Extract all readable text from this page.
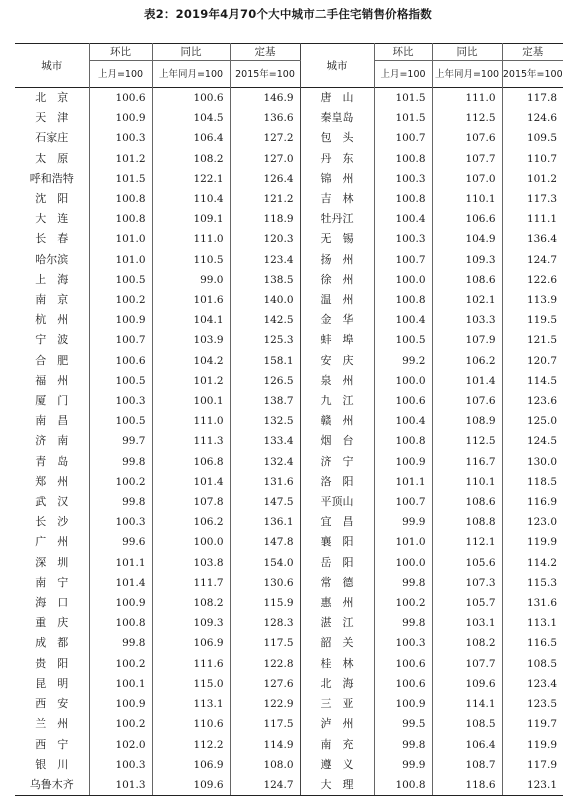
表2：2019年4月70个大中城市二手住宅销售价格指数
城市	环比	同比	定基	城市	环比	同比	定基
	上月=100	上年同月=100	2015年=100		上月=100	上年同月=100	2015年=100
北　京	100.6	100.6	146.9	唐　山	101.5	111.0	117.8
天　津	100.9	104.5	136.6	秦皇岛	101.5	112.5	124.6
石家庄	100.3	106.4	127.2	包　头	100.7	107.6	109.5
太　原	101.2	108.2	127.0	丹　东	100.8	107.7	110.7
呼和浩特	101.5	122.1	126.4	锦　州	100.3	107.0	101.2
沈　阳	100.8	110.4	121.2	吉　林	100.8	110.1	117.3
大　连	100.8	109.1	118.9	牡丹江	100.4	106.6	111.1
长　春	101.0	111.0	120.3	无　锡	100.3	104.9	136.4
哈尔滨	101.0	110.5	123.4	扬　州	100.7	109.3	124.7
上　海	100.5	99.0	138.5	徐　州	100.0	108.6	122.6
南　京	100.2	101.6	140.0	温　州	100.8	102.1	113.9
杭　州	100.9	104.1	142.5	金　华	100.4	103.3	119.5
宁　波	100.7	103.9	125.3	蚌　埠	100.5	107.9	121.5
合　肥	100.6	104.2	158.1	安　庆	99.2	106.2	120.7
福　州	100.5	101.2	126.5	泉　州	100.0	101.4	114.5
厦　门	100.3	100.1	138.7	九　江	100.6	107.6	123.6
南　昌	100.5	111.0	132.5	赣　州	100.4	108.9	125.0
济　南	99.7	111.3	133.4	烟　台	100.8	112.5	124.5
青　岛	99.8	106.8	132.4	济　宁	100.9	116.7	130.0
郑　州	100.2	101.4	131.6	洛　阳	101.1	110.1	118.5
武　汉	99.8	107.8	147.5	平顶山	100.7	108.6	116.9
长　沙	100.3	106.2	136.1	宜　昌	99.9	108.8	123.0
广　州	99.6	100.0	147.8	襄　阳	101.0	112.1	119.9
深　圳	101.1	103.8	154.0	岳　阳	100.0	105.6	114.2
南　宁	101.4	111.7	130.6	常　德	99.8	107.3	115.3
海　口	100.9	108.2	115.9	惠　州	100.2	105.7	131.6
重　庆	100.8	109.3	128.3	湛　江	99.8	103.1	113.1
成　都	99.8	106.9	117.5	韶　关	100.3	108.2	116.5
贵　阳	100.2	111.6	122.8	桂　林	100.6	107.7	108.5
昆　明	100.1	115.0	127.6	北　海	100.6	109.6	123.4
西　安	100.9	113.1	122.9	三　亚	100.9	114.1	123.5
兰　州	100.2	110.6	117.5	泸　州	99.5	108.5	119.7
西　宁	102.0	112.2	114.9	南　充	99.8	106.4	119.9
银　川	100.3	106.9	108.0	遵　义	99.9	108.7	117.9
乌鲁木齐	101.3	109.6	124.7	大　理	100.8	118.6	123.1
